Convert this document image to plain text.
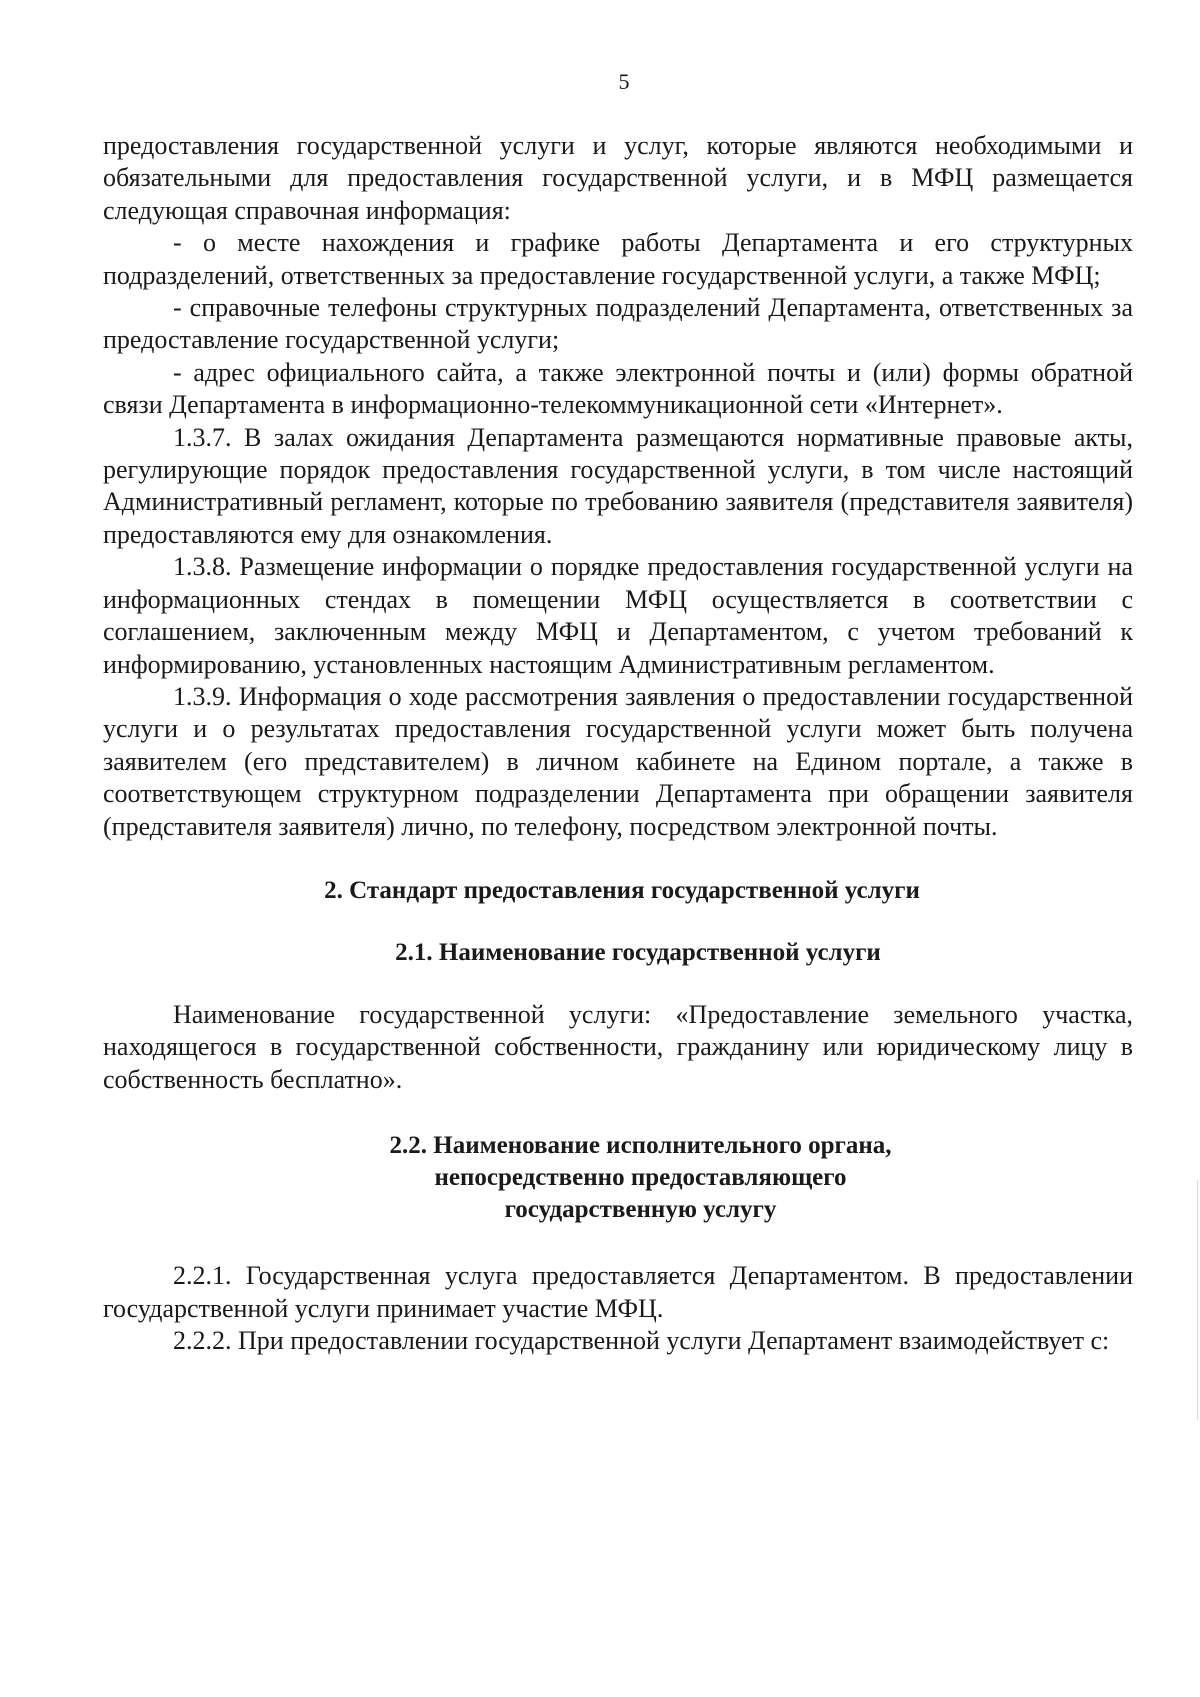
5

предоставления государственной услуги и услуг, которые являются необходимыми и обязательными для предоставления государственной услуги, и в МФЦ размещается следующая справочная информация:

- о месте нахождения и графике работы Департамента и его структурных подразделений, ответственных за предоставление государственной услуги, а также МФЦ;

- справочные телефоны структурных подразделений Департамента, ответственных за предоставление государственной услуги;

- адрес официального сайта, а также электронной почты и (или) формы обратной связи Департамента в информационно-телекоммуникационной сети «Интернет».

1.3.7. В залах ожидания Департамента размещаются нормативные правовые акты, регулирующие порядок предоставления государственной услуги, в том числе настоящий Административный регламент, которые по требованию заявителя (представителя заявителя) предоставляются ему для ознакомления.

1.3.8. Размещение информации о порядке предоставления государственной услуги на информационных стендах в помещении МФЦ осуществляется в соответствии с соглашением, заключенным между МФЦ и Департаментом, с учетом требований к информированию, установленных настоящим Административным регламентом.

1.3.9. Информация о ходе рассмотрения заявления о предоставлении государственной услуги и о результатах предоставления государственной услуги может быть получена заявителем (его представителем) в личном кабинете на Едином портале, а также в соответствующем структурном подразделении Департамента при обращении заявителя (представителя заявителя) лично, по телефону, посредством электронной почты.

2. Стандарт предоставления государственной услуги
2.1. Наименование государственной услуги

Наименование государственной услуги: «Предоставление земельного участка, находящегося в государственной собственности, гражданину или юридическому лицу в собственность бесплатно».

2.2. Наименование исполнительного органа,
непосредственно предоставляющего
государственную услугу

2.2.1. Государственная услуга предоставляется Департаментом. В предоставлении государственной услуги принимает участие МФЦ.

2.2.2. При предоставлении государственной услуги Департамент взаимодействует с:
